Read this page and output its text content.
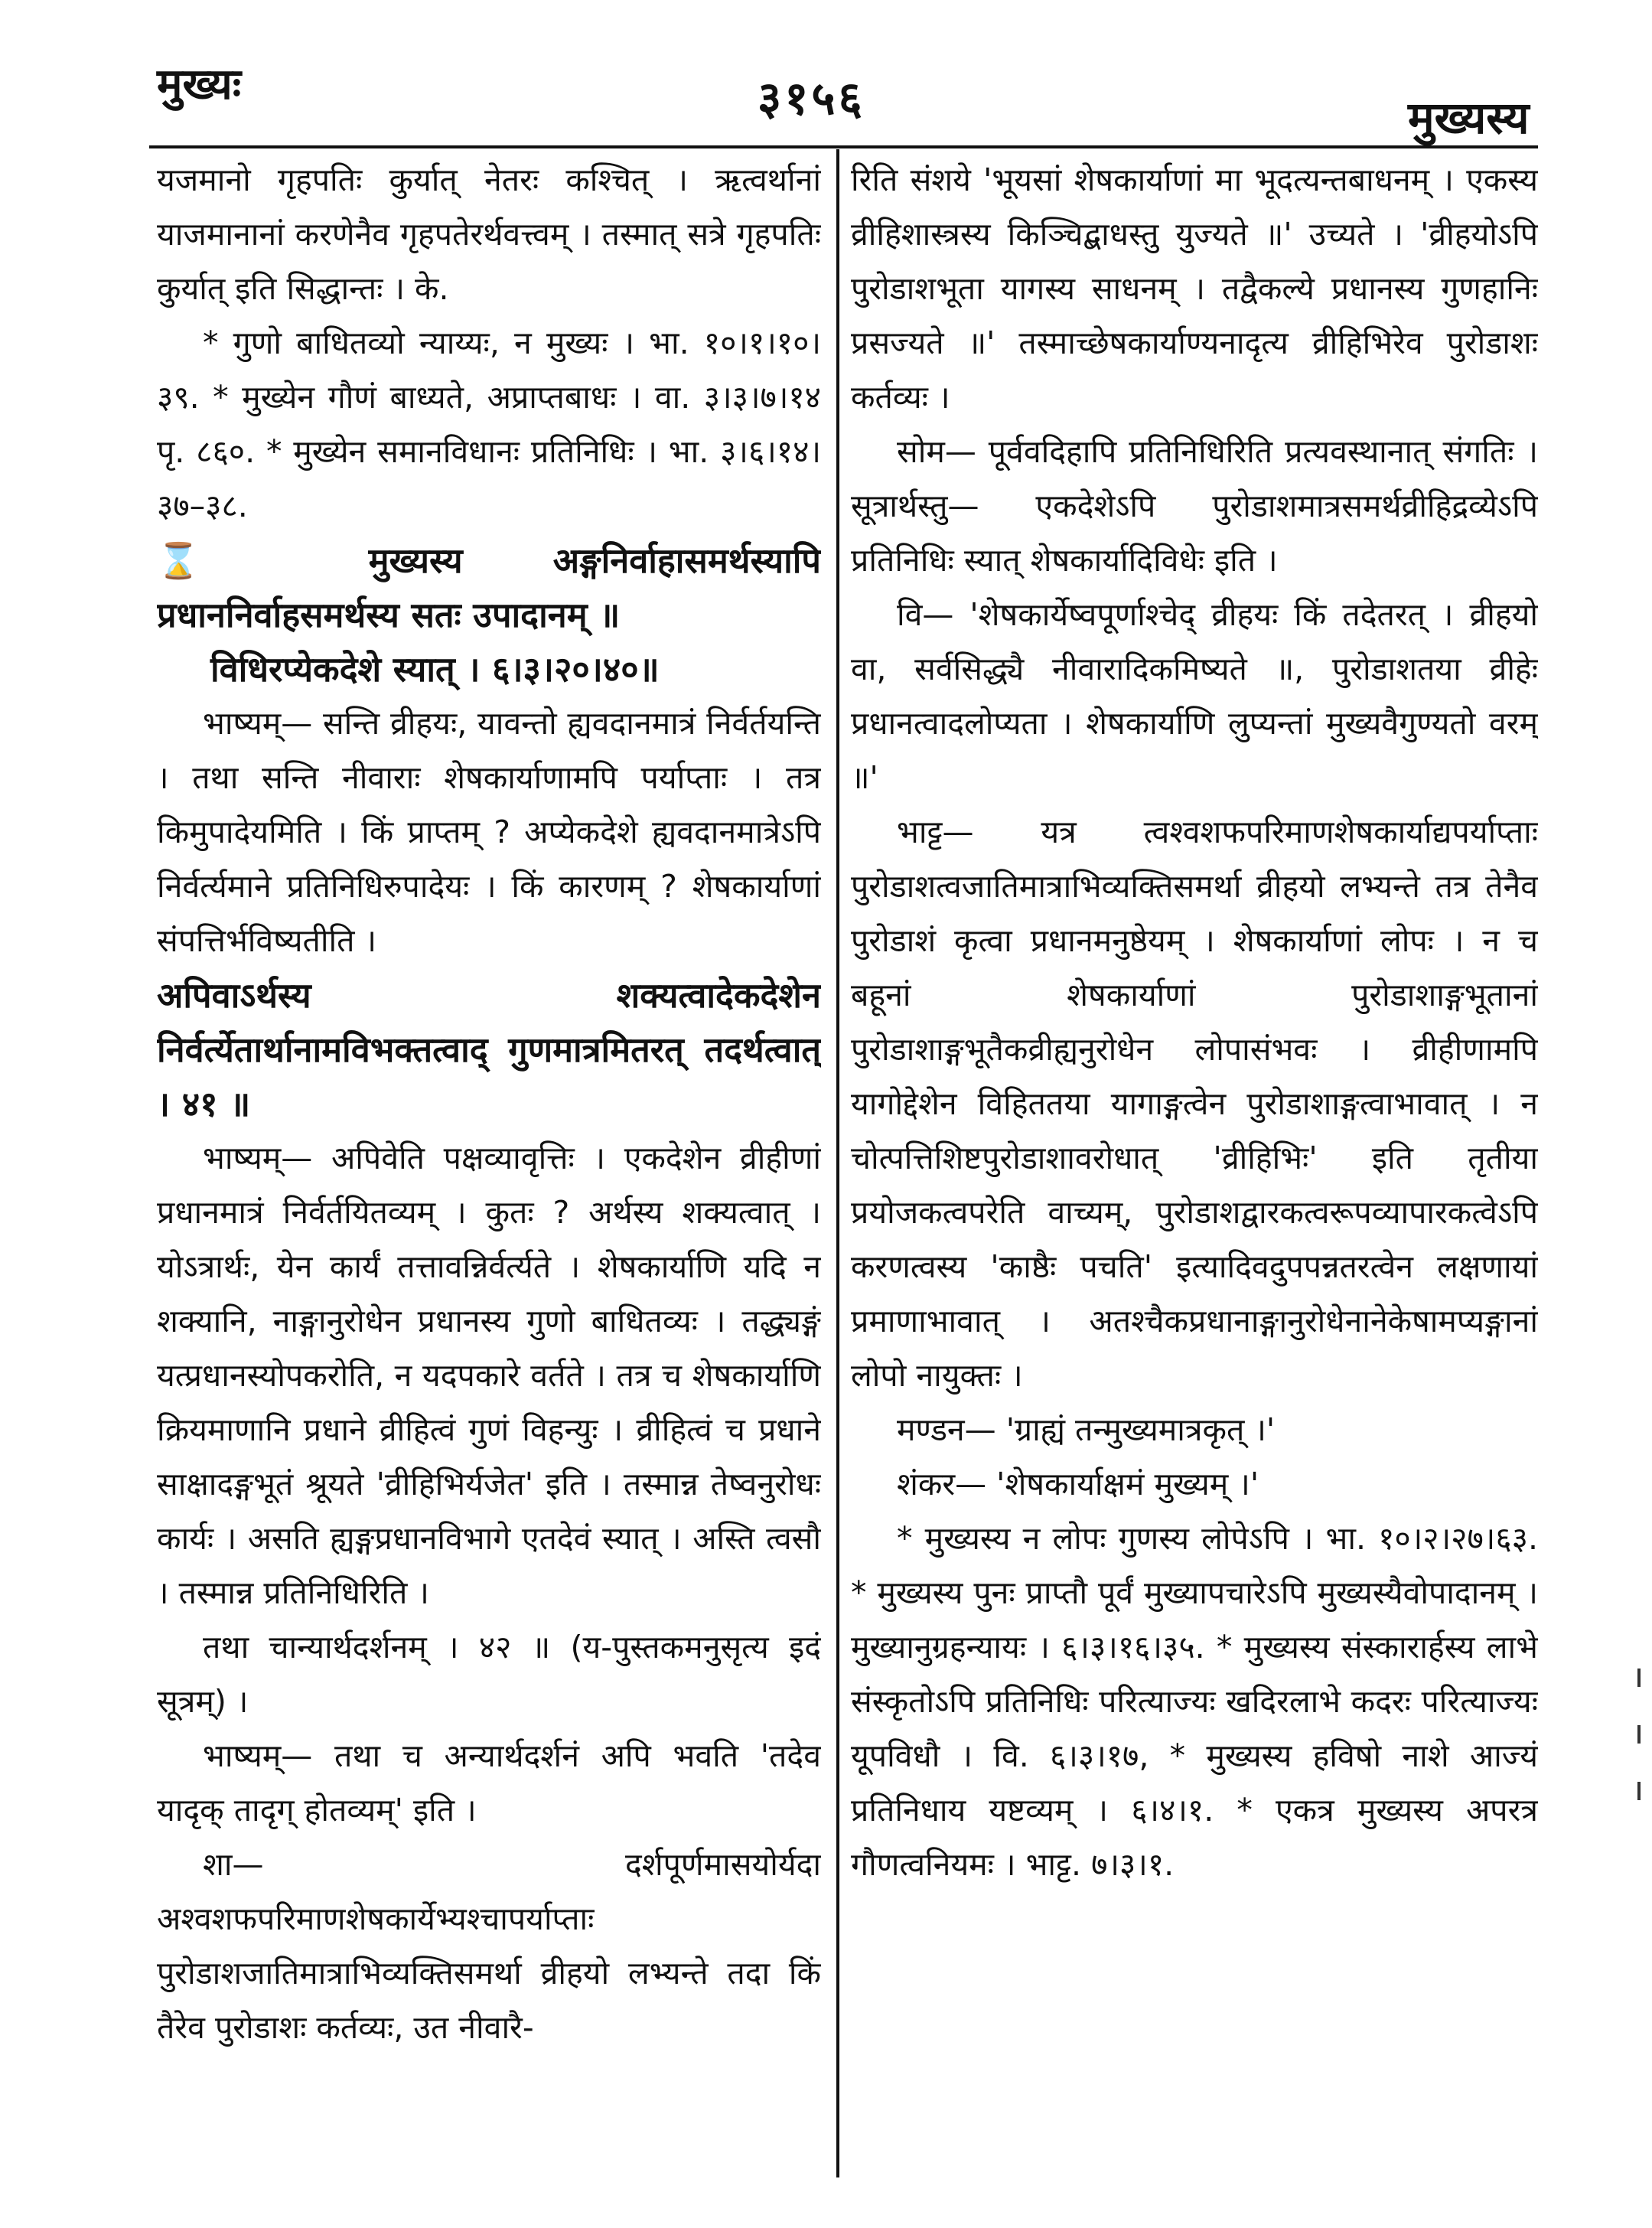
मुख्यः	३१५६	मुख्यस्य

यजमानो गृहपतिः कुर्यात् नेतरः कश्चित् । ऋत्वर्थानां याजमानानां करणेनैव गृहपतेरर्थवत्त्वम् । तस्मात् सत्रे गृहपतिः कुर्यात् इति सिद्धान्तः । के.

* गुणो बाधितव्यो न्याय्यः, न मुख्यः । भा. १०।१।१०।३९. * मुख्येन गौणं बाध्यते, अप्राप्तबाधः । वा. ३।३।७।१४ पृ. ८६०. * मुख्येन समानविधानः प्रतिनिधिः । भा. ३।६।१४।३७–३८.

⌛ मुख्यस्य अङ्गनिर्वाहासमर्थस्यापि प्रधाननिर्वाहसमर्थस्य सतः उपादानम् ॥

विधिरप्येकदेशे स्यात् । ६।३।२०।४०॥

भाष्यम्— सन्ति व्रीहयः, यावन्तो ह्यवदानमात्रं निर्वर्तयन्ति । तथा सन्ति नीवाराः शेषकार्याणामपि पर्याप्ताः । तत्र किमुपादेयमिति । किं प्राप्तम् ? अप्येकदेशे ह्यवदानमात्रेऽपि निर्वर्त्यमाने प्रतिनिधिरुपादेयः । किं कारणम् ? शेषकार्याणां संपत्तिर्भविष्यतीति ।

अपिवाऽर्थस्य शक्यत्वादेकदेशेन निर्वर्त्येतार्थानामविभक्तत्वाद् गुणमात्रमितरत् तदर्थत्वात् । ४१ ॥

भाष्यम्— अपिवेति पक्षव्यावृत्तिः । एकदेशेन व्रीहीणां प्रधानमात्रं निर्वर्तयितव्यम् । कुतः ? अर्थस्य शक्यत्वात् । योऽत्रार्थः, येन कार्यं तत्तावन्निर्वर्त्यते । शेषकार्याणि यदि न शक्यानि, नाङ्गानुरोधेन प्रधानस्य गुणो बाधितव्यः । तद्ध्यङ्गं यत्प्रधानस्योपकरोति, न यदपकारे वर्तते । तत्र च शेषकार्याणि क्रियमाणानि प्रधाने व्रीहित्वं गुणं विहन्युः । व्रीहित्वं च प्रधाने साक्षादङ्गभूतं श्रूयते 'व्रीहिभिर्यजेत' इति । तस्मान्न तेष्वनुरोधः कार्यः । असति ह्यङ्गप्रधानविभागे एतदेवं स्यात् । अस्ति त्वसौ । तस्मान्न प्रतिनिधिरिति ।

तथा चान्यार्थदर्शनम् । ४२ ॥ (य-पुस्तकमनुसृत्य इदं सूत्रम्) ।

भाष्यम्— तथा च अन्यार्थदर्शनं अपि भवति 'तदेव यादृक् तादृग् होतव्यम्' इति ।

शा— दर्शपूर्णमासयोर्यदा अश्वशफपरिमाणशेषकार्येभ्यश्चापर्याप्ताः पुरोडाशजातिमात्राभिव्यक्तिसमर्था व्रीहयो लभ्यन्ते तदा किं तैरेव पुरोडाशः कर्तव्यः, उत नीवारै-

रिति संशये 'भूयसां शेषकार्याणां मा भूदत्यन्तबाधनम् । एकस्य व्रीहिशास्त्रस्य किञ्चिद्बाधस्तु युज्यते ॥' उच्यते । 'व्रीहयोऽपि पुरोडाशभूता यागस्य साधनम् । तद्वैकल्ये प्रधानस्य गुणहानिः प्रसज्यते ॥' तस्माच्छेषकार्याण्यनादृत्य व्रीहिभिरेव पुरोडाशः कर्तव्यः ।

सोम— पूर्ववदिहापि प्रतिनिधिरिति प्रत्यवस्थानात् संगतिः । सूत्रार्थस्तु— एकदेशेऽपि पुरोडाशमात्रसमर्थव्रीहिद्रव्येऽपि प्रतिनिधिः स्यात् शेषकार्यादिविधेः इति ।

वि— 'शेषकार्येष्वपूर्णाश्चेद् व्रीहयः किं तदेतरत् । व्रीहयो वा, सर्वसिद्ध्यै नीवारादिकमिष्यते ॥, पुरोडाशतया व्रीहेः प्रधानत्वादलोप्यता । शेषकार्याणि लुप्यन्तां मुख्यवैगुण्यतो वरम् ॥'

भाट्ट— यत्र त्वश्वशफपरिमाणशेषकार्याद्यपर्याप्ताः पुरोडाशत्वजातिमात्राभिव्यक्तिसमर्था व्रीहयो लभ्यन्ते तत्र तेनैव पुरोडाशं कृत्वा प्रधानमनुष्ठेयम् । शेषकार्याणां लोपः । न च बहूनां शेषकार्याणां पुरोडाशाङ्गभूतानां पुरोडाशाङ्गभूतैकव्रीह्यनुरोधेन लोपासंभवः । व्रीहीणामपि यागोद्देशेन विहिततया यागाङ्गत्वेन पुरोडाशाङ्गत्वाभावात् । न चोत्पत्तिशिष्टपुरोडाशावरोधात् 'व्रीहिभिः' इति तृतीया प्रयोजकत्वपरेति वाच्यम्, पुरोडाशद्वारकत्वरूपव्यापारकत्वेऽपि करणत्वस्य 'काष्ठैः पचति' इत्यादिवदुपपन्नतरत्वेन लक्षणायां प्रमाणाभावात् । अतश्चैकप्रधानाङ्गानुरोधेनानेकेषामप्यङ्गानां लोपो नायुक्तः ।

मण्डन— 'ग्राह्यं तन्मुख्यमात्रकृत् ।'

शंकर— 'शेषकार्याक्षमं मुख्यम् ।'

* मुख्यस्य न लोपः गुणस्य लोपेऽपि । भा. १०।२।२७।६३. * मुख्यस्य पुनः प्राप्तौ पूर्वं मुख्यापचारेऽपि मुख्यस्यैवोपादानम् । मुख्यानुग्रहन्यायः । ६।३।१६।३५. * मुख्यस्य संस्कारार्हस्य लाभे संस्कृतोऽपि प्रतिनिधिः परित्याज्यः खदिरलाभे कदरः परित्याज्यः यूपविधौ । वि. ६।३।१७, * मुख्यस्य हविषो नाशे आज्यं प्रतिनिधाय यष्टव्यम् । ६।४।१. * एकत्र मुख्यस्य अपरत्र गौणत्वनियमः । भाट्ट. ७।३।१.
